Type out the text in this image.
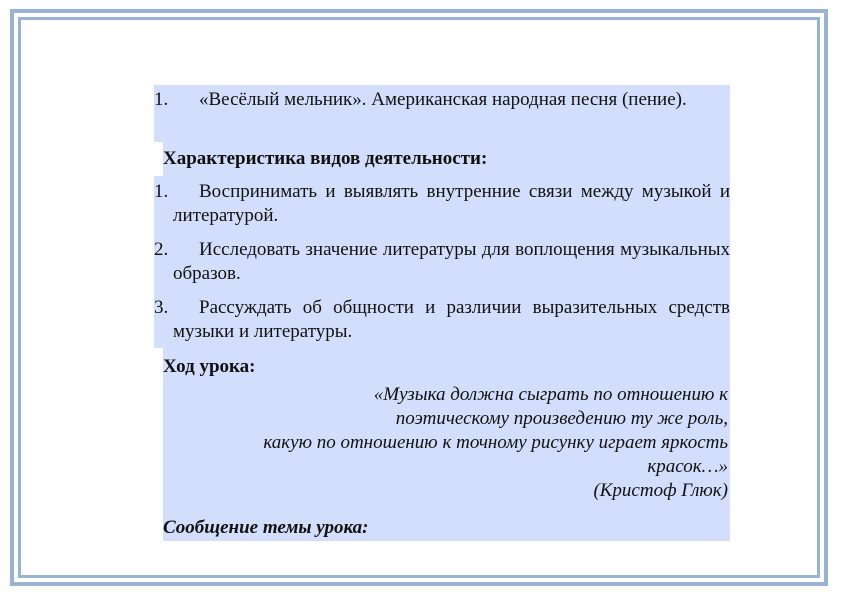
1. «Весёлый мельник». Американская народная песня (пение).
Характеристика видов деятельности:
1. Воспринимать и выявлять внутренние связи между музыкой и литературой.
2. Исследовать значение литературы для воплощения музыкальных образов.
3. Рассуждать об общности и различии выразительных средств музыки и литературы.
Ход урока:
«Музыка должна сыграть по отношению к
поэтическому произведению ту же роль,
какую по отношению к точному рисунку играет яркость
красок…»
(Кристоф Глюк)
Сообщение темы урока:
